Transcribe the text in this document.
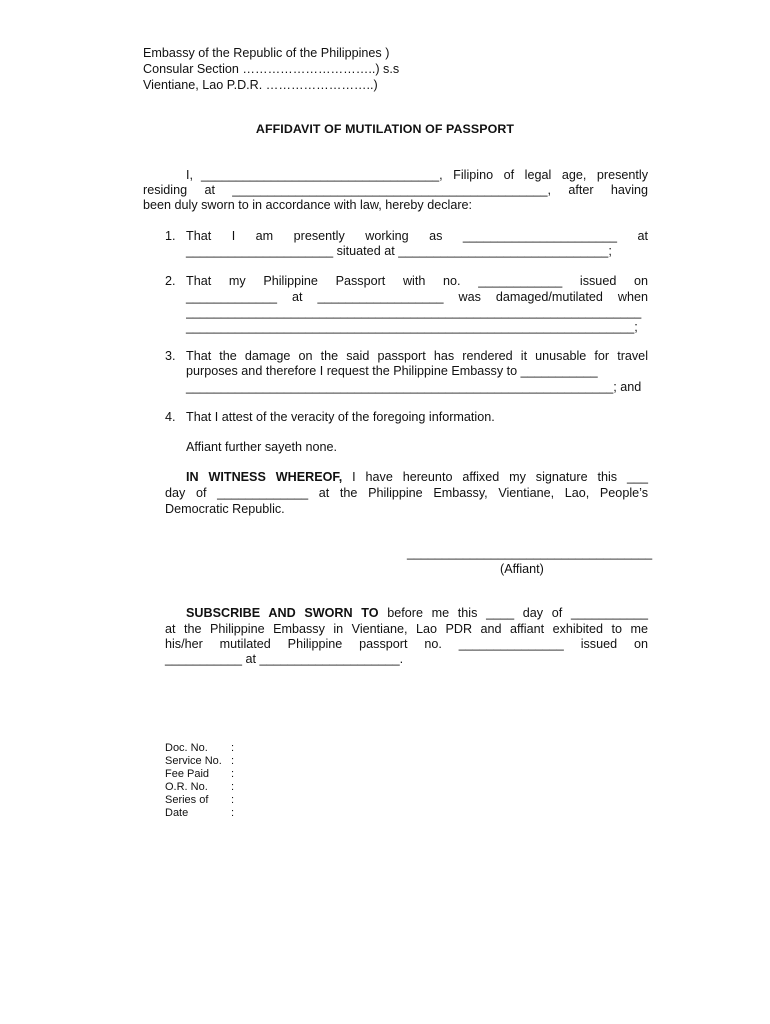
Embassy of the Republic of the Philippines )
Consular Section …………………………..) s.s
Vientiane, Lao P.D.R. ……………………..)
AFFIDAVIT OF MUTILATION OF PASSPORT
I, __________________________________, Filipino of legal age, presently
residing at _____________________________________________, after having
been duly sworn to in accordance with law, hereby declare:
1. That I am presently working as ______________________ at
_____________________ situated at ______________________________;
2. That my Philippine Passport with no. ____________ issued on
_____________ at __________________ was damaged/mutilated when
_________________________________________________________________
________________________________________________________________;
3. That the damage on the said passport has rendered it unusable for travel
purposes and therefore I request the Philippine Embassy to ___________
_____________________________________________________________; and
4. That I attest of the veracity of the foregoing information.
Affiant further sayeth none.
IN WITNESS WHEREOF, I have hereunto affixed my signature this ___
day of _____________ at the Philippine Embassy, Vientiane, Lao, People’s
Democratic Republic.
___________________________________
(Affiant)
SUBSCRIBE AND SWORN TO before me this ____ day of ___________
at the Philippine Embassy in Vientiane, Lao PDR and affiant exhibited to me
his/her mutilated Philippine passport no. _______________ issued on
___________ at ____________________.
Doc. No. :
Service No. :
Fee Paid :
O.R. No. :
Series of :
Date	:
